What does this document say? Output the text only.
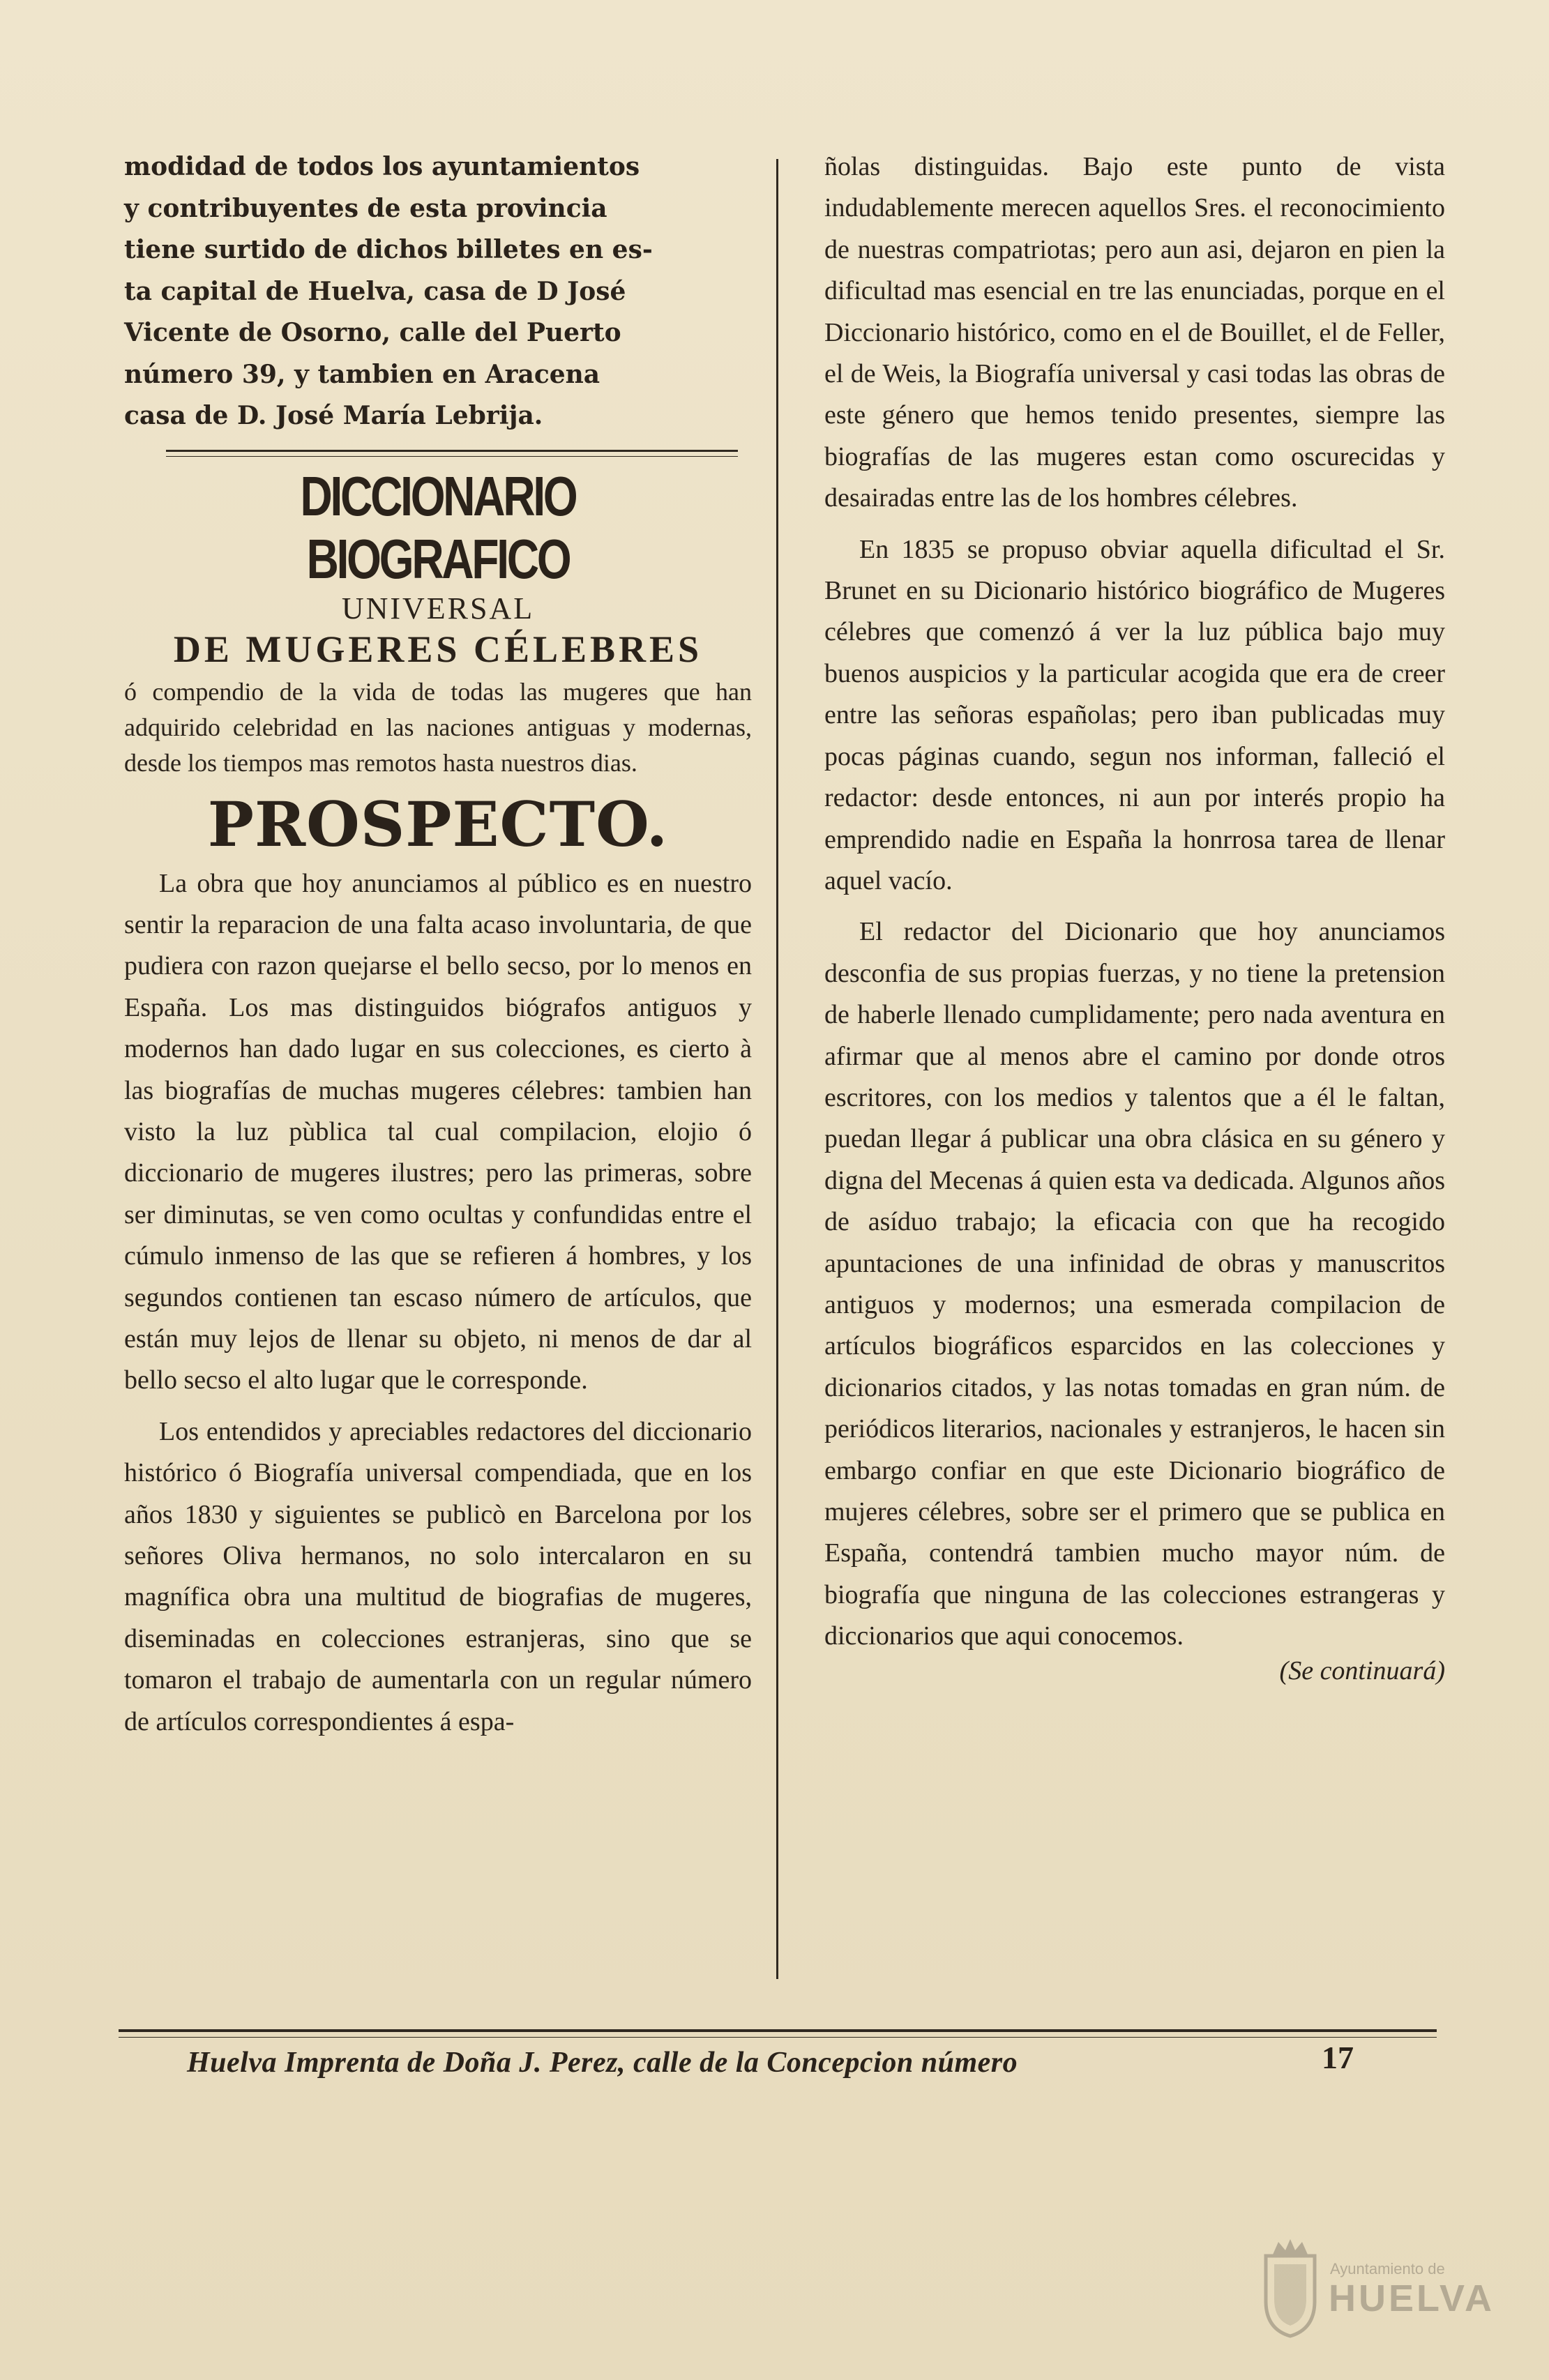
modidad de todos los ayuntamientos

y contribuyentes de esta provincia

tiene surtido de dichos billetes en es-

ta capital de Huelva, casa de D José

Vicente de Osorno, calle del Puerto

número 39, y tambien en Aracena

casa de D. José María Lebrija.

DICCIONARIO BIOGRAFICO
UNIVERSAL
DE MUGERES CÉLEBRES

ó compendio de la vida de todas las mugeres que han adquirido celebridad en las naciones antiguas y modernas, desde los tiempos mas remotos hasta nuestros dias.

PROSPECTO.

La obra que hoy anunciamos al público es en nuestro sentir la reparacion de una falta acaso involuntaria, de que pudiera con razon quejarse el bello secso, por lo menos en España. Los mas distinguidos biógrafos antiguos y modernos han dado lugar en sus colecciones, es cierto à las biografías de muchas mugeres célebres: tambien han visto la luz pùblica tal cual compilacion, elojio ó diccionario de mugeres ilustres; pero las primeras, sobre ser diminutas, se ven como ocultas y confundidas entre el cúmulo inmenso de las que se refieren á hombres, y los segundos contienen tan escaso número de artículos, que están muy lejos de llenar su objeto, ni menos de dar al bello secso el alto lugar que le corresponde.

Los entendidos y apreciables redactores del diccionario histórico ó Biografía universal compendiada, que en los años 1830 y siguientes se publicò en Barcelona por los señores Oliva hermanos, no solo intercalaron en su magnífica obra una multitud de biografias de mugeres, diseminadas en colecciones estranjeras, sino que se tomaron el trabajo de aumentarla con un regular número de artículos correspondientes á espa-

ñolas distinguidas. Bajo este punto de vista indudablemente merecen aquellos Sres. el reconocimiento de nuestras compatriotas; pero aun asi, dejaron en pien la dificultad mas esencial en tre las enunciadas, porque en el Diccionario histórico, como en el de Bouillet, el de Feller, el de Weis, la Biografía universal y casi todas las obras de este género que hemos tenido presentes, siempre las biografías de las mugeres estan como oscurecidas y desairadas entre las de los hombres célebres.

En 1835 se propuso obviar aquella dificultad el Sr. Brunet en su Dicionario histórico biográfico de Mugeres célebres que comenzó á ver la luz pública bajo muy buenos auspicios y la particular acogida que era de creer entre las señoras españolas; pero iban publicadas muy pocas páginas cuando, segun nos informan, falleció el redactor: desde entonces, ni aun por interés propio ha emprendido nadie en España la honrrosa tarea de llenar aquel vacío.

El redactor del Dicionario que hoy anunciamos desconfia de sus propias fuerzas, y no tiene la pretension de haberle llenado cumplidamente; pero nada aventura en afirmar que al menos abre el camino por donde otros escritores, con los medios y talentos que a él le faltan, puedan llegar á publicar una obra clásica en su género y digna del Mecenas á quien esta va dedicada. Algunos años de asíduo trabajo; la eficacia con que ha recogido apuntaciones de una infinidad de obras y manuscritos antiguos y modernos; una esmerada compilacion de artículos biográficos esparcidos en las colecciones y dicionarios citados, y las notas tomadas en gran núm. de periódicos literarios, nacionales y estranjeros, le hacen sin embargo confiar en que este Dicionario biográfico de mujeres célebres, sobre ser el primero que se publica en España, contendrá tambien mucho mayor núm. de biografía que ninguna de las colecciones estrangeras y diccionarios que aqui conocemos.

(Se continuará)
Huelva Imprenta de Doña J. Perez, calle de la Concepcion número	17
Ayuntamiento de
HUELVA
